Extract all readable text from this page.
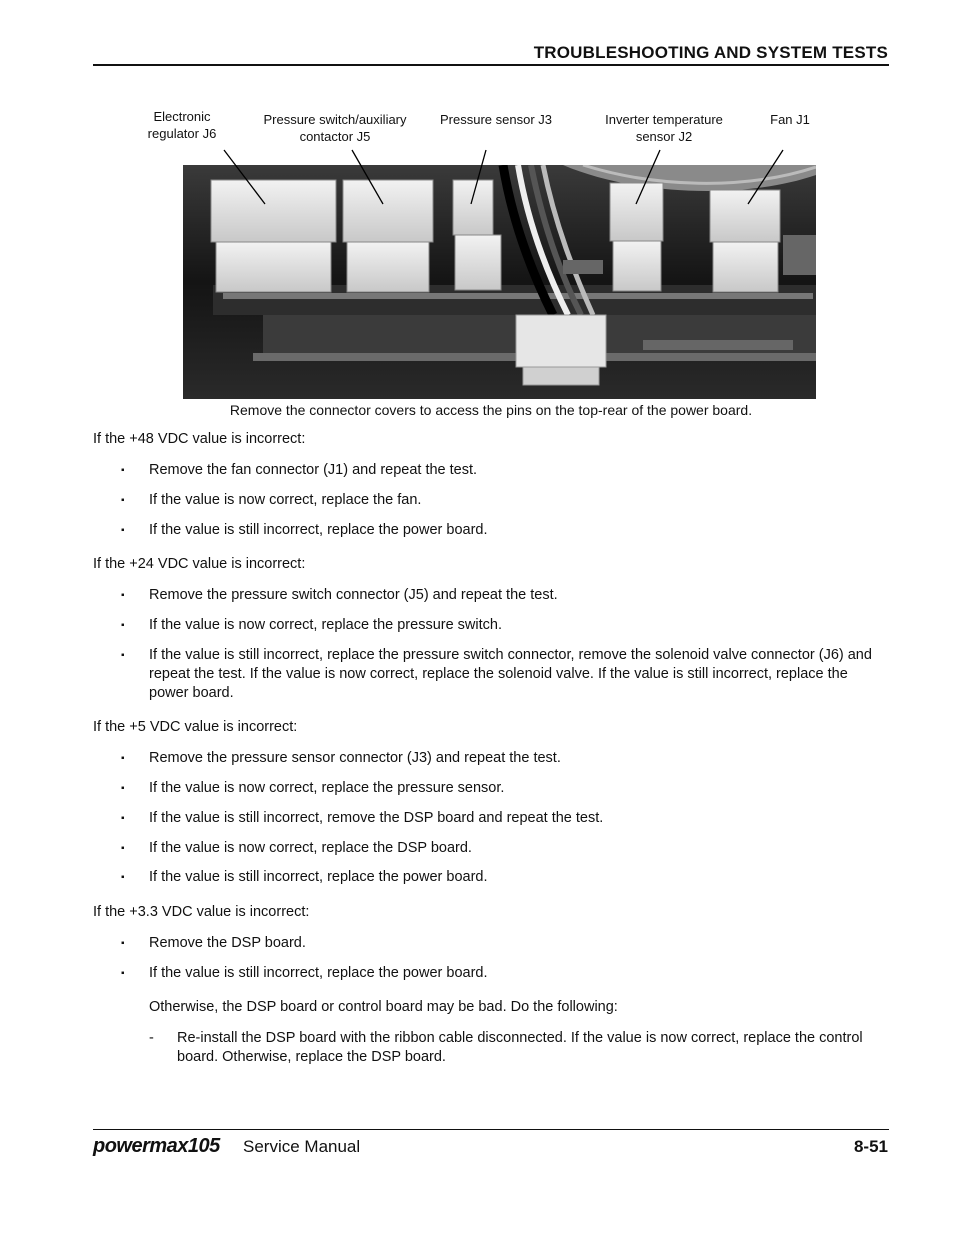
TROUBLESHOOTING AND SYSTEM TESTS
Electronic
regulator J6
Pressure switch/auxiliary
contactor J5
Pressure sensor J3	Inverter temperature
sensor J2
Fan J1
Remove the connector covers to access the pins on the top-rear of the power board.
If the +48 VDC value is incorrect:
▪ Remove the fan connector (J1) and repeat the test.
▪ If the value is now correct, replace the fan.
▪ If the value is still incorrect, replace the power board.
If the +24 VDC value is incorrect:
▪ Remove the pressure switch connector (J5) and repeat the test.
▪ If the value is now correct, replace the pressure switch.
▪ If the value is still incorrect, replace the pressure switch connector, remove the solenoid valve connector (J6) and repeat the test. If the value is now correct, replace the solenoid valve. If the value is still incorrect, replace the power board.
If the +5 VDC value is incorrect:
▪ Remove the pressure sensor connector (J3) and repeat the test.
▪ If the value is now correct, replace the pressure sensor.
▪ If the value is still incorrect, remove the DSP board and repeat the test.
▪ If the value is now correct, replace the DSP board.
▪ If the value is still incorrect, replace the power board.
If the +3.3 VDC value is incorrect:
▪ Remove the DSP board.
▪ If the value is still incorrect, replace the power board.
Otherwise, the DSP board or control board may be bad. Do the following:
- Re-install the DSP board with the ribbon cable disconnected. If the value is now correct, replace the control board. Otherwise, replace the DSP board.
powermax105 Service Manual	8-51
